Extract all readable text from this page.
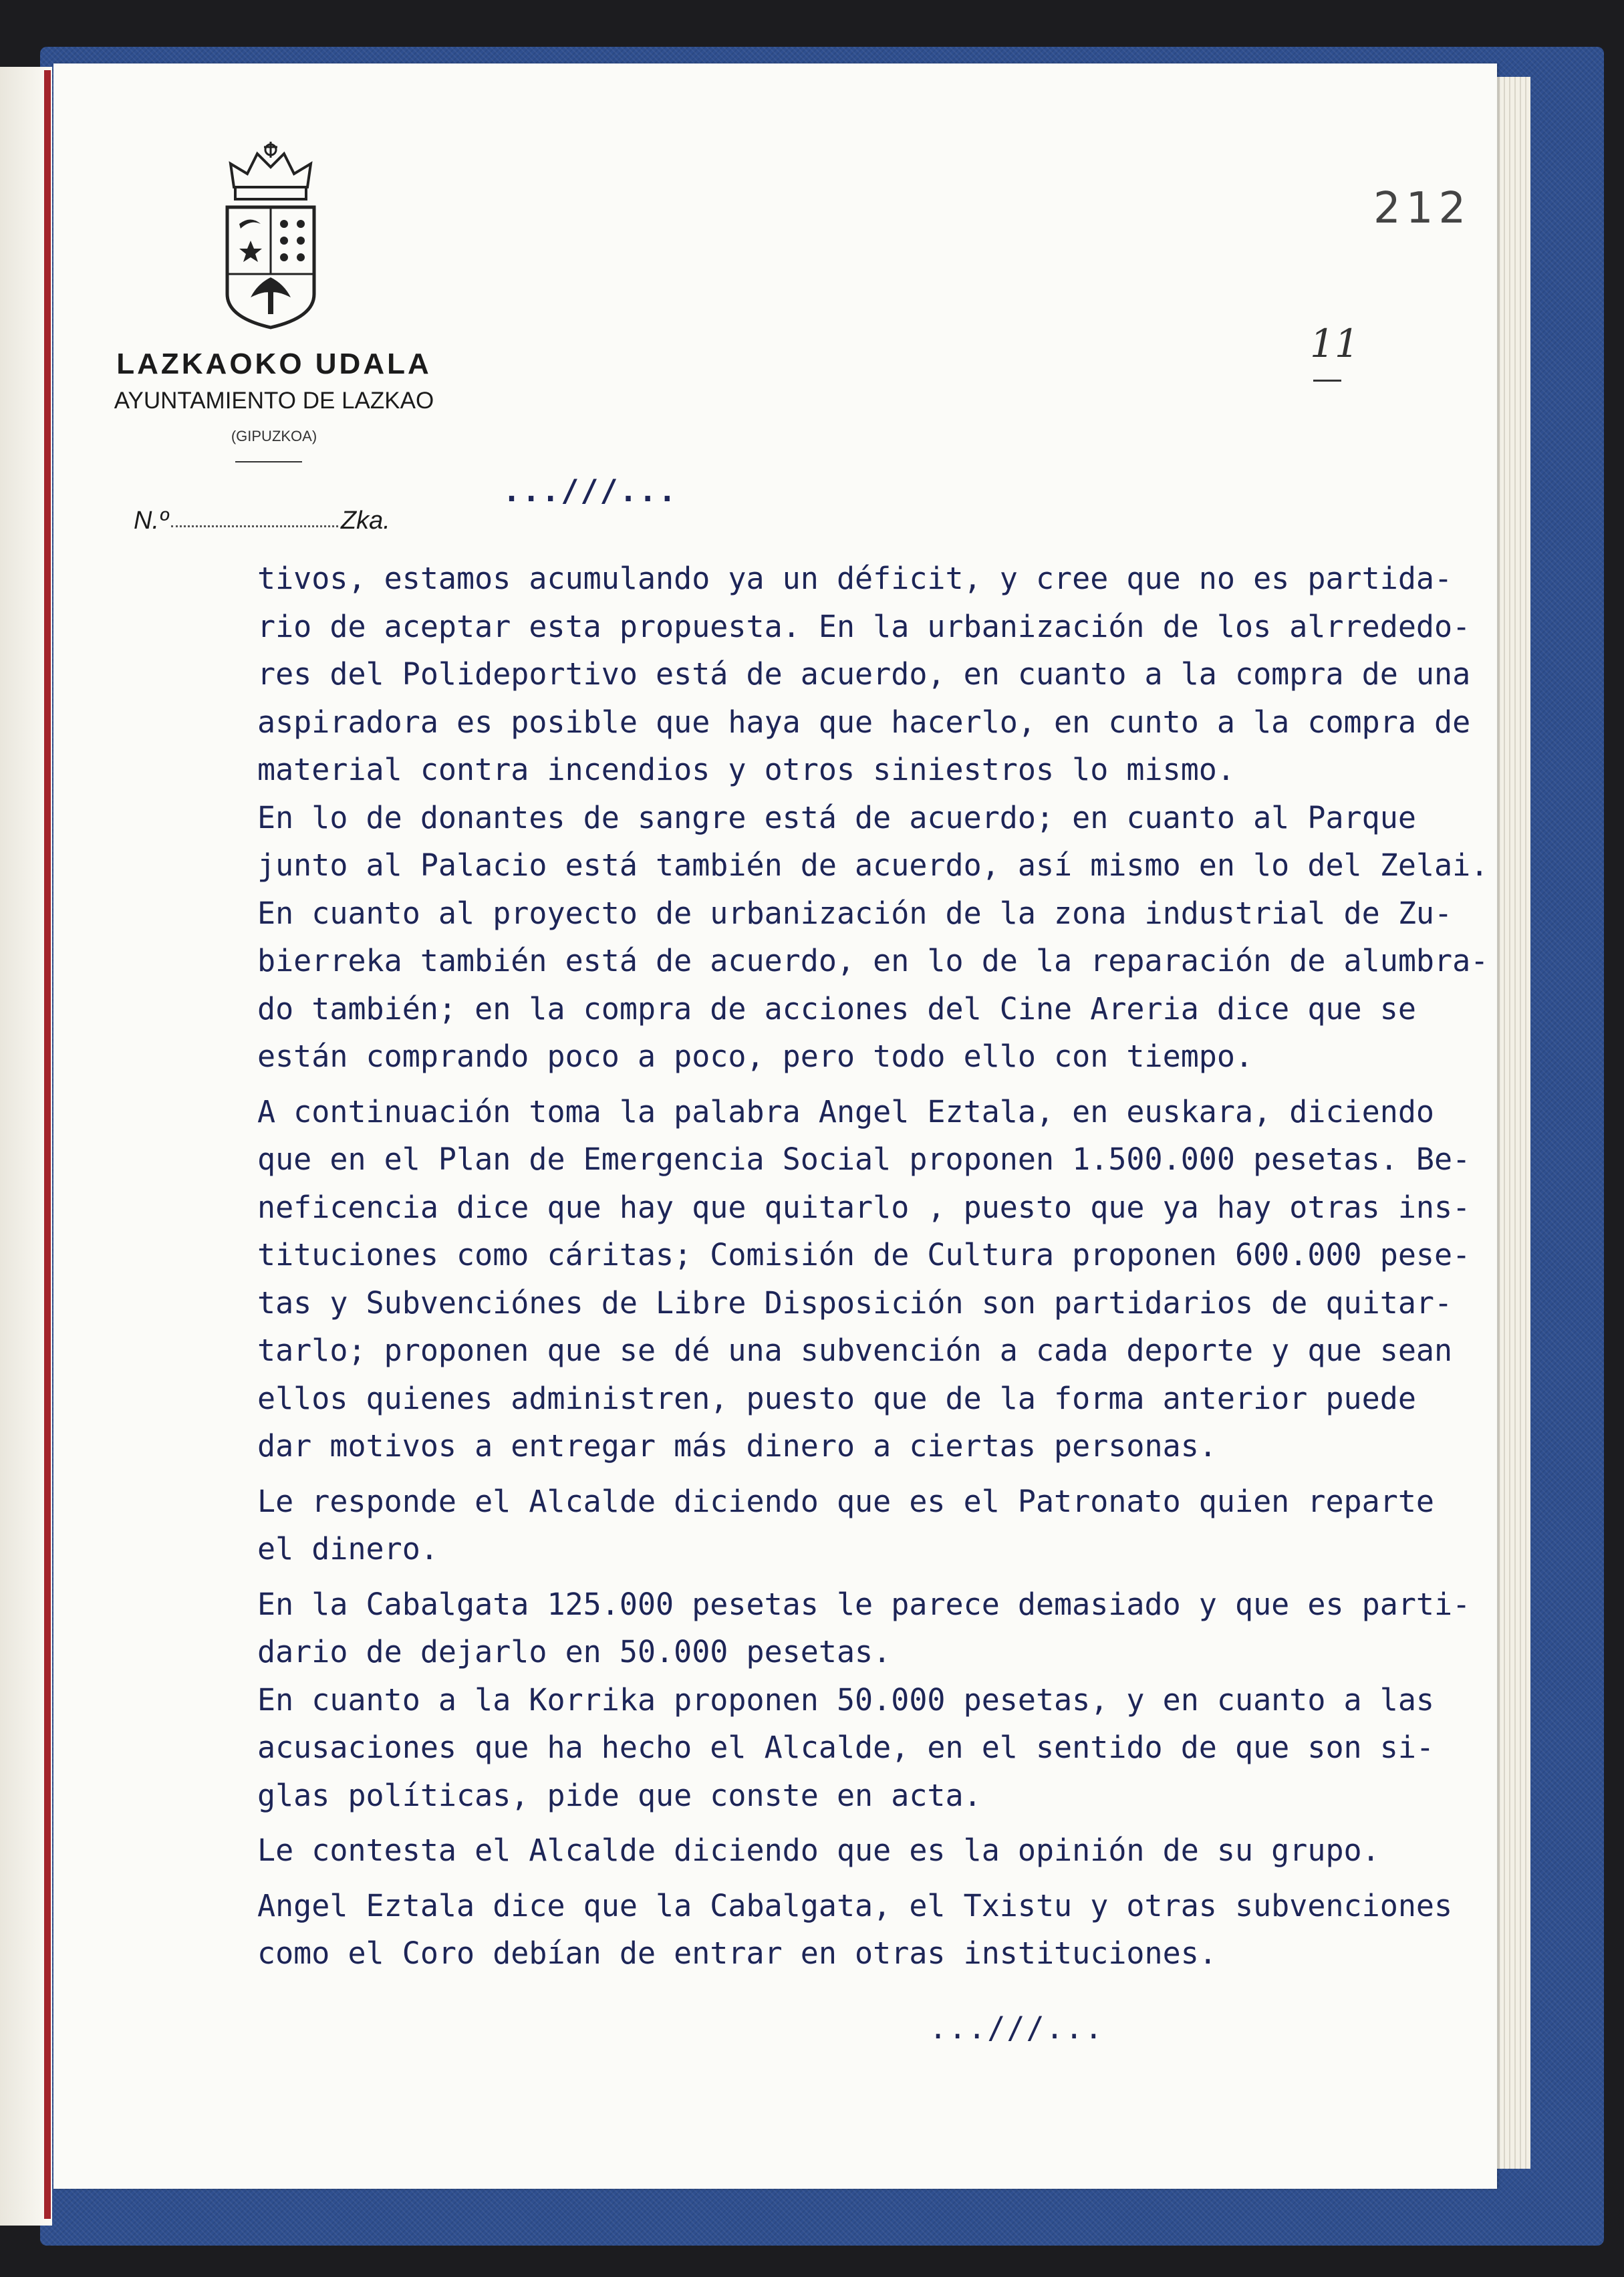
LAZKAOKO UDALA
AYUNTAMIENTO DE LAZKAO
(GIPUZKOA)
N.º	Zka.
212
11
...///...
tivos, estamos acumulando ya un déficit, y cree que no es partida-
rio de aceptar esta propuesta. En la urbanización de los alrrededo-
res del Polideportivo está de acuerdo, en cuanto a la compra de una
aspiradora es posible que haya que hacerlo, en cunto a la compra de
material contra incendios y otros siniestros lo mismo.
En lo de donantes de sangre está de acuerdo; en cuanto al Parque
junto al Palacio está también de acuerdo, así mismo en lo del Zelai.
En cuanto al proyecto de urbanización de la zona industrial de Zu-
bierreka también está de acuerdo, en lo de la reparación de alumbra-
do también; en la compra de acciones del Cine Areria dice que se
están comprando poco a poco, pero todo ello con tiempo.
A continuación toma la palabra Angel Eztala, en euskara, diciendo
que en el Plan de Emergencia Social proponen 1.500.000 pesetas. Be-
neficencia dice que hay que quitarlo , puesto que ya hay otras ins-
tituciones como cáritas; Comisión de Cultura proponen 600.000 pese-
tas y Subvenciónes de Libre Disposición son partidarios de quitar-
tarlo; proponen que se dé una subvención a cada deporte y que sean
ellos quienes administren, puesto que de la forma anterior puede
dar motivos a entregar más dinero a ciertas personas.
Le responde el Alcalde diciendo que es el Patronato quien reparte
el dinero.
En la Cabalgata 125.000 pesetas le parece demasiado y que es parti-
dario de dejarlo en 50.000 pesetas.
En cuanto a la Korrika proponen 50.000 pesetas, y en cuanto a las
acusaciones que ha hecho el Alcalde, en el sentido de que son si-
glas políticas, pide que conste en acta.
Le contesta el Alcalde diciendo que es la opinión de su grupo.
Angel Eztala dice que la Cabalgata, el Txistu y otras subvenciones
como el Coro debían de entrar en otras instituciones.
...///...
